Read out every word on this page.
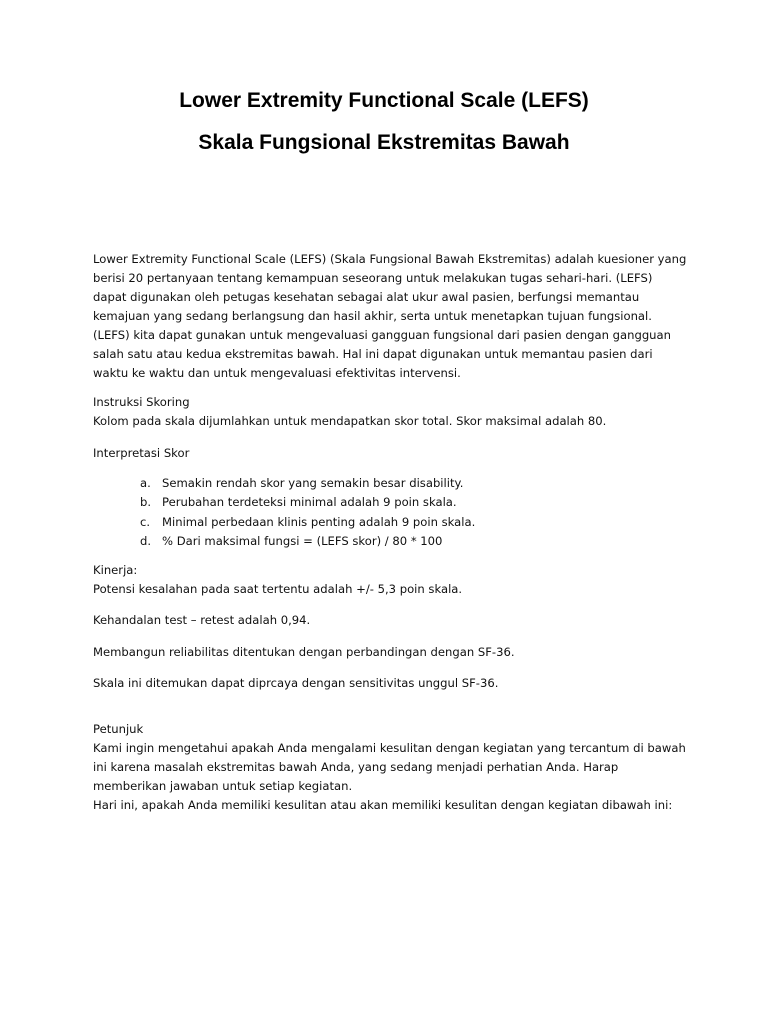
Lower Extremity Functional Scale (LEFS)
Skala Fungsional Ekstremitas Bawah

Lower Extremity Functional Scale (LEFS) (Skala Fungsional Bawah Ekstremitas) adalah kuesioner yang

berisi 20 pertanyaan tentang kemampuan seseorang untuk melakukan tugas sehari-hari. (LEFS)

dapat digunakan oleh petugas kesehatan sebagai alat ukur awal pasien, berfungsi memantau

kemajuan yang sedang berlangsung dan hasil akhir, serta untuk menetapkan tujuan fungsional.

(LEFS) kita dapat gunakan untuk mengevaluasi gangguan fungsional dari pasien dengan gangguan

salah satu atau kedua ekstremitas bawah. Hal ini dapat digunakan untuk memantau pasien dari

waktu ke waktu dan untuk mengevaluasi efektivitas intervensi.

Instruksi Skoring

Kolom pada skala dijumlahkan untuk mendapatkan skor total. Skor maksimal adalah 80.

Interpretasi Skor

a. Semakin rendah skor yang semakin besar disability.
b. Perubahan terdeteksi minimal adalah 9 poin skala.
c. Minimal perbedaan klinis penting adalah 9 poin skala.
d. % Dari maksimal fungsi = (LEFS skor) / 80 * 100

Kinerja:

Potensi kesalahan pada saat tertentu adalah +/- 5,3 poin skala.

Kehandalan test – retest adalah 0,94.

Membangun reliabilitas ditentukan dengan perbandingan dengan SF-36.

Skala ini ditemukan dapat diprcaya dengan sensitivitas unggul SF-36.

Petunjuk

Kami ingin mengetahui apakah Anda mengalami kesulitan dengan kegiatan yang tercantum di bawah

ini karena masalah ekstremitas bawah Anda, yang sedang menjadi perhatian Anda. Harap

memberikan jawaban untuk setiap kegiatan.

Hari ini, apakah Anda memiliki kesulitan atau akan memiliki kesulitan dengan kegiatan dibawah ini:
